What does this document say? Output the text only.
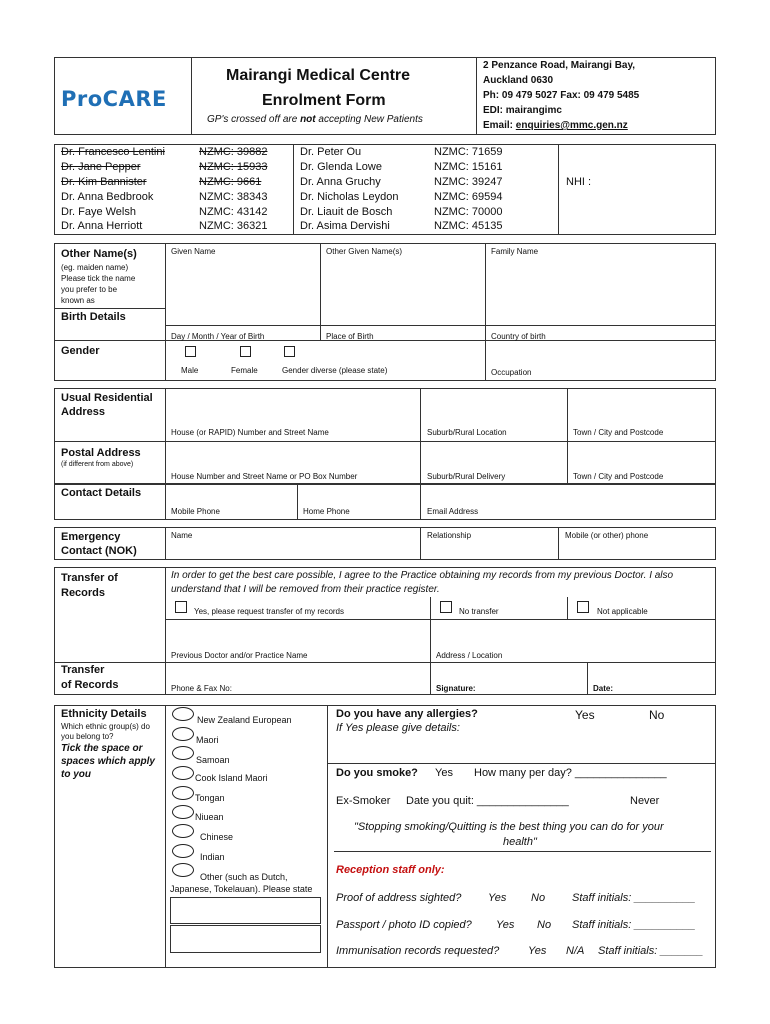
ProCARE
Mairangi Medical Centre
Enrolment Form
GP's crossed off are not accepting New Patients
2 Penzance Road, Mairangi Bay,
Auckland 0630
Ph: 09 479 5027 Fax: 09 479 5485
EDI: mairangimc
Email: enquiries@mmc.gen.nz
Dr. Francesco Lentini	NZMC: 39882
Dr. Jane Pepper	NZMC: 15933
Dr. Kim Bannister	NZMC: 9661
Dr. Anna Bedbrook	NZMC: 38343
Dr. Faye Welsh	NZMC: 43142
Dr. Anna Herriott	NZMC: 36321
Dr. Peter Ou	NZMC: 71659
Dr. Glenda Lowe	NZMC: 15161
Dr. Anna Gruchy	NZMC: 39247
Dr. Nicholas Leydon	NZMC: 69594
Dr. Liauit de Bosch	NZMC: 70000
Dr. Asima Dervishi	NZMC: 45135
NHI :
Other Name(s)
(eg. maiden name)
Please tick the name
you prefer to be
known as
Given Name	Other Given Name(s)	Family Name
Birth Details
Day / Month / Year of Birth	Place of Birth	Country of birth
Gender
Male	Female	Gender diverse (please state)	Occupation
Usual Residential
Address
House (or RAPID) Number and Street Name	Suburb/Rural Location	Town / City and Postcode
Postal Address
(if different from above)
House Number and Street Name or PO Box Number	Suburb/Rural Delivery	Town / City and Postcode
Contact Details
Mobile Phone	Home Phone	Email Address
Emergency
Contact (NOK)
Name	Relationship	Mobile (or other) phone
Transfer of
Records
In order to get the best care possible, I agree to the Practice obtaining my records from my previous Doctor. I also
understand that I will be removed from their practice register.
Yes, please request transfer of my records	No transfer	Not applicable
Previous Doctor and/or Practice Name	Address / Location
Transfer
of Records	Phone & Fax No:	Signature:	Date:
Ethnicity Details
Which ethnic group(s) do
you belong to?
Tick the space or
spaces which apply
to you
New Zealand European
Maori
Samoan
Cook Island Maori
Tongan
Niuean
Chinese
Indian
Other (such as Dutch,
Japanese, Tokelauan). Please state
Do you have any allergies?	Yes	No
If Yes please give details:
Do you smoke? Yes How many per day? _______________
Ex-Smoker Date you quit: _______________	Never
"Stopping smoking/Quitting is the best thing you can do for your
health"
Reception staff only:
Proof of address sighted? Yes No Staff initials: __________
Passport / photo ID copied? Yes No Staff initials: __________
Immunisation records requested?	Yes N/A Staff initials: _______
